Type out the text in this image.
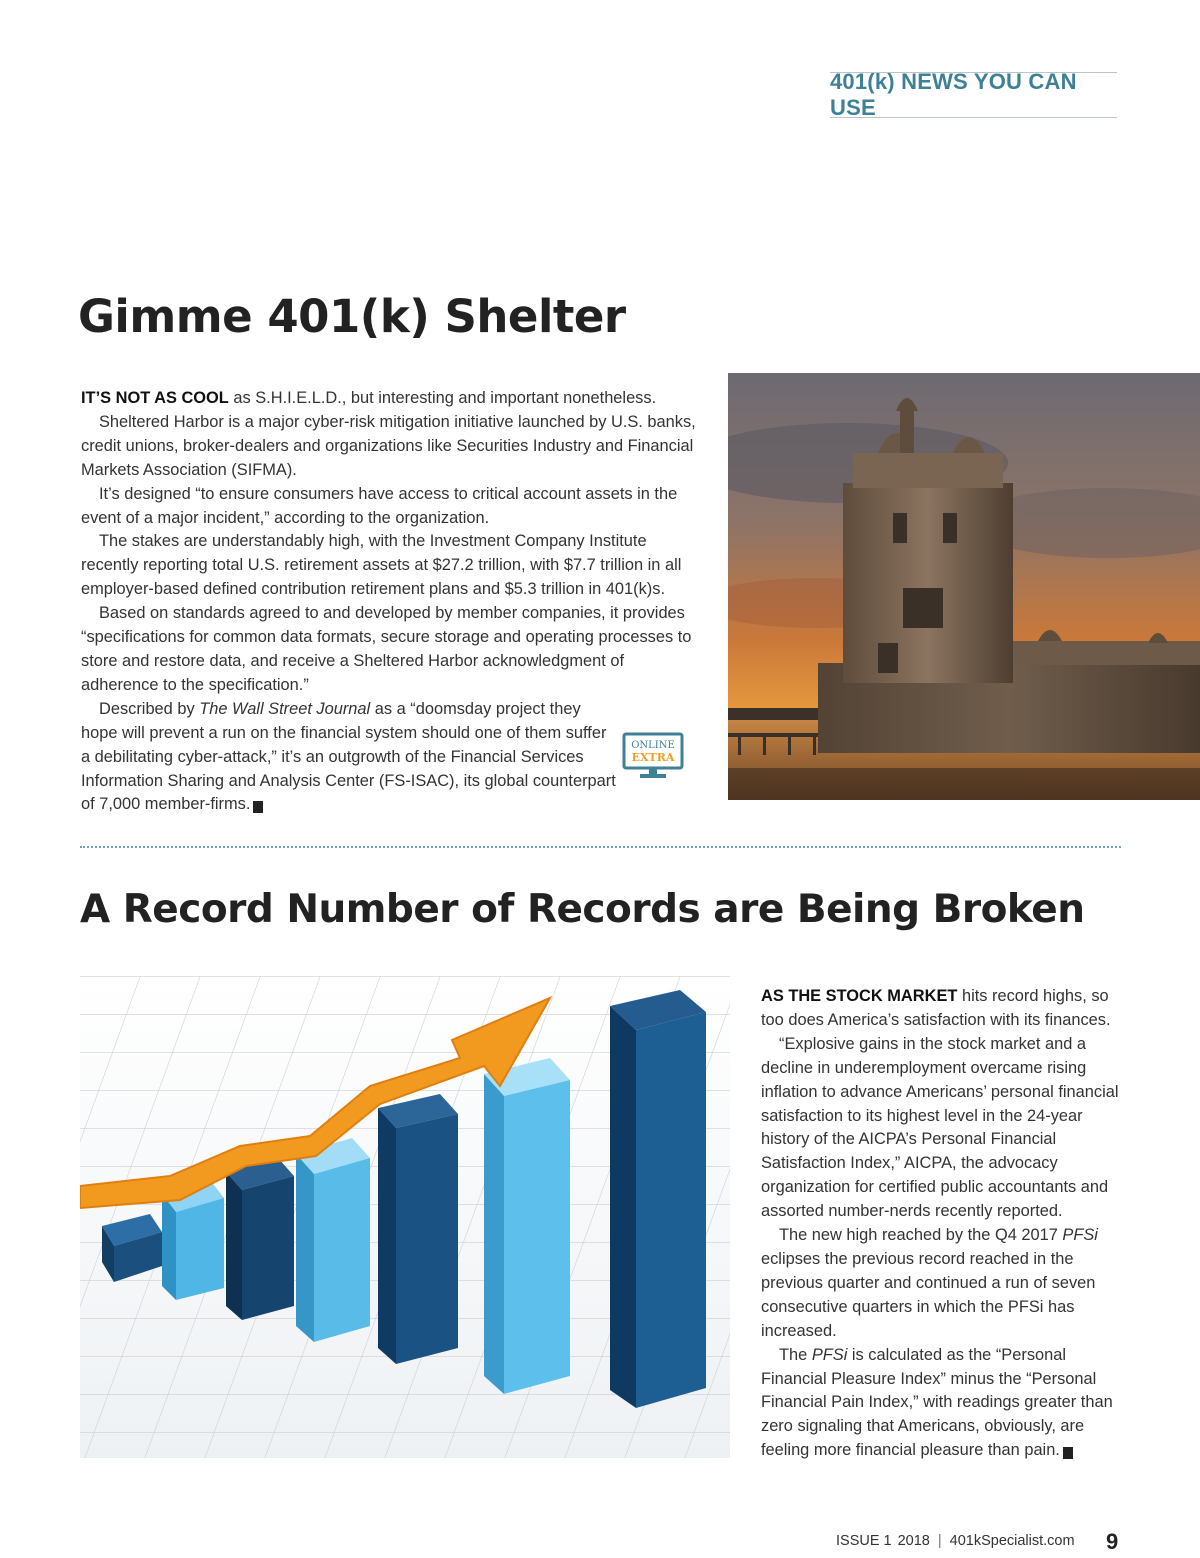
401(k) NEWS YOU CAN USE
Gimme 401(k) Shelter

IT’S NOT AS COOL as S.H.I.E.L.D., but interesting and important nonetheless.

Sheltered Harbor is a major cyber-risk mitigation initiative launched by U.S. banks, credit unions, broker-dealers and organizations like Securities Industry and Financial Markets Association (SIFMA).

It’s designed “to ensure consumers have access to critical account assets in the event of a major incident,” according to the organization.

The stakes are understandably high, with the Investment Company Institute recently reporting total U.S. retirement assets at $27.2 trillion, with $7.7 trillion in all employer-based defined contribution retirement plans and $5.3 trillion in 401(k)s.

Based on standards agreed to and developed by member companies, it provides “specifications for common data formats, secure storage and operating processes to store and restore data, and receive a Sheltered Harbor acknowledgment of adherence to the specification.”

Described by The Wall Street Journal as a “doomsday project they hope will prevent a run on the financial system should one of them suffer a debilitating cyber-attack,” it’s an outgrowth of the Financial Services Information Sharing and Analysis Center (FS-ISAC), its global counterpart of 7,000 member-firms. K

ONLINE
EXTRA
A Record Number of Records are Being Broken

AS THE STOCK MARKET hits record highs, so too does America’s satisfaction with its finances.

“Explosive gains in the stock market and a decline in underemployment overcame rising inflation to advance Americans’ personal financial satisfaction to its highest level in the 24-year history of the AICPA’s Personal Financial Satisfaction Index,” AICPA, the advocacy organization for certified public accountants and assorted number-nerds recently reported.

The new high reached by the Q4 2017 PFSi eclipses the previous record reached in the previous quarter and continued a run of seven consecutive quarters in which the PFSi has increased.

The PFSi is calculated as the “Personal Financial Pleasure Index” minus the “Personal Financial Pain Index,” with readings greater than zero signaling that Americans, obviously, are feeling more financial pleasure than pain. K

ISSUE 1 2018 | 401kSpecialist.com 9
